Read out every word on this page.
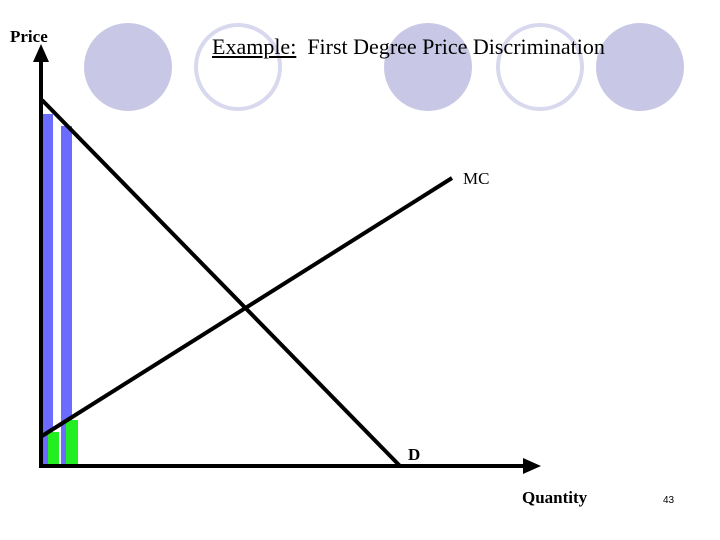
Example:  First Degree Price Discrimination
Price
MC
D
Quantity	43
